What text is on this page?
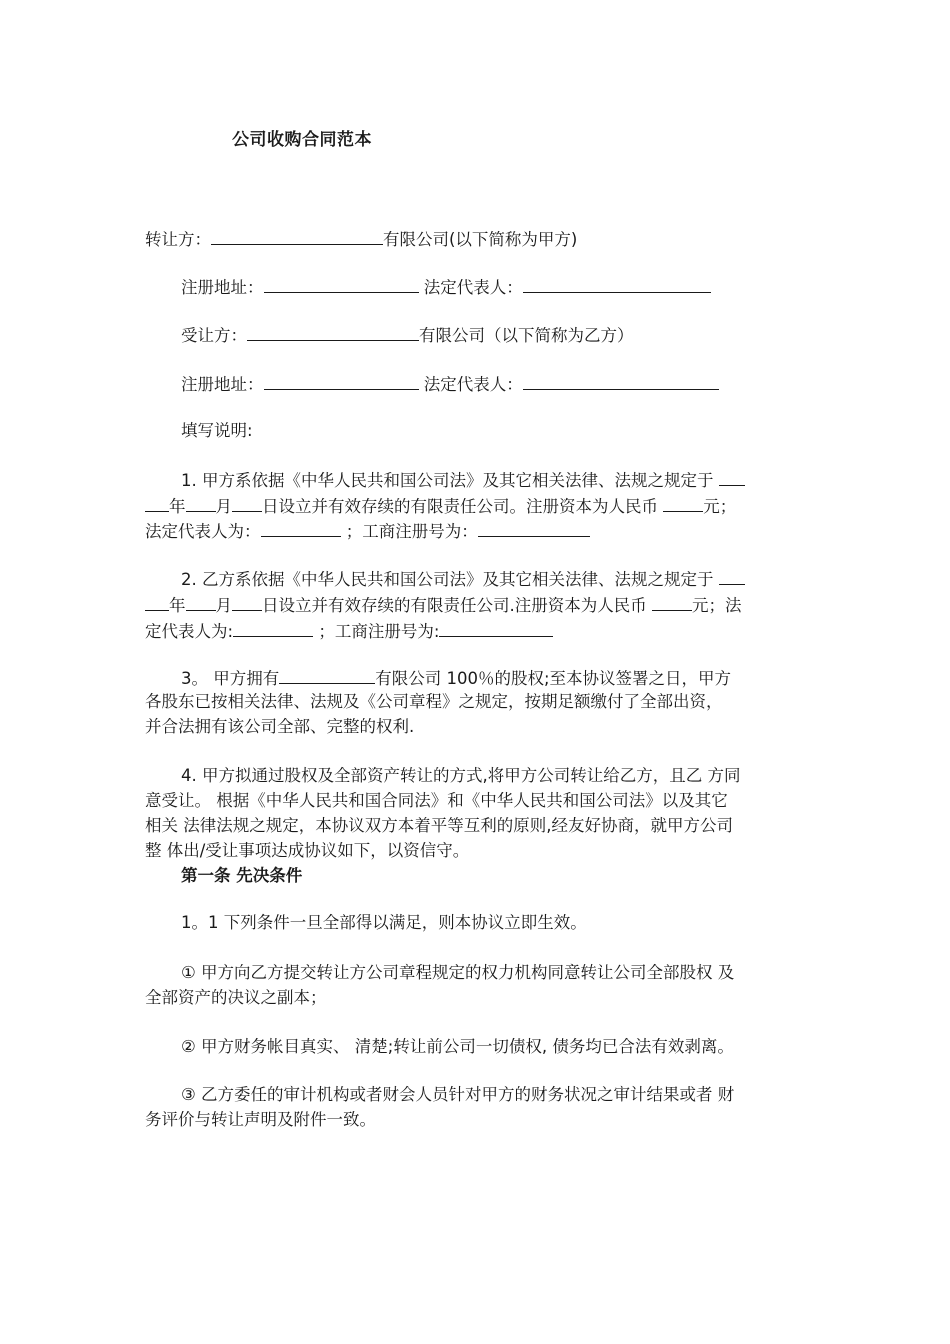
公司收购合同范本
转让方：	有限公司(以下简称为甲方)
注册地址：	法定代表人：
受让方：	有限公司（以下简称为乙方）
注册地址：	法定代表人：
填写说明:
1. 甲方系依据《中华人民共和国公司法》及其它相关法律、法规之规定于
年 月 日设立并有效存续的有限责任公司。注册资本为人民币	元；
法定代表人为：	；工商注册号为：
2. 乙方系依据《中华人民共和国公司法》及其它相关法律、法规之规定于
年 月 日设立并有效存续的有限责任公司.注册资本为人民币	元；法
定代表人为:	；工商注册号为:
3。 甲方拥有	有限公司 100％的股权;至本协议签署之日，甲方
各股东已按相关法律、法规及《公司章程》之规定，按期足额缴付了全部出资，
并合法拥有该公司全部、完整的权利.
4. 甲方拟通过股权及全部资产转让的方式,将甲方公司转让给乙方，且乙 方同
意受让。 根据《中华人民共和国合同法》和《中华人民共和国公司法》以及其它
相关 法律法规之规定，本协议双方本着平等互利的原则,经友好协商，就甲方公司
整 体出/受让事项达成协议如下，以资信守。
第一条 先决条件
1。1 下列条件一旦全部得以满足，则本协议立即生效。
① 甲方向乙方提交转让方公司章程规定的权力机构同意转让公司全部股权 及
全部资产的决议之副本；
② 甲方财务帐目真实、 清楚;转让前公司一切债权, 债务均已合法有效剥离。
③ 乙方委任的审计机构或者财会人员针对甲方的财务状况之审计结果或者 财
务评价与转让声明及附件一致。
